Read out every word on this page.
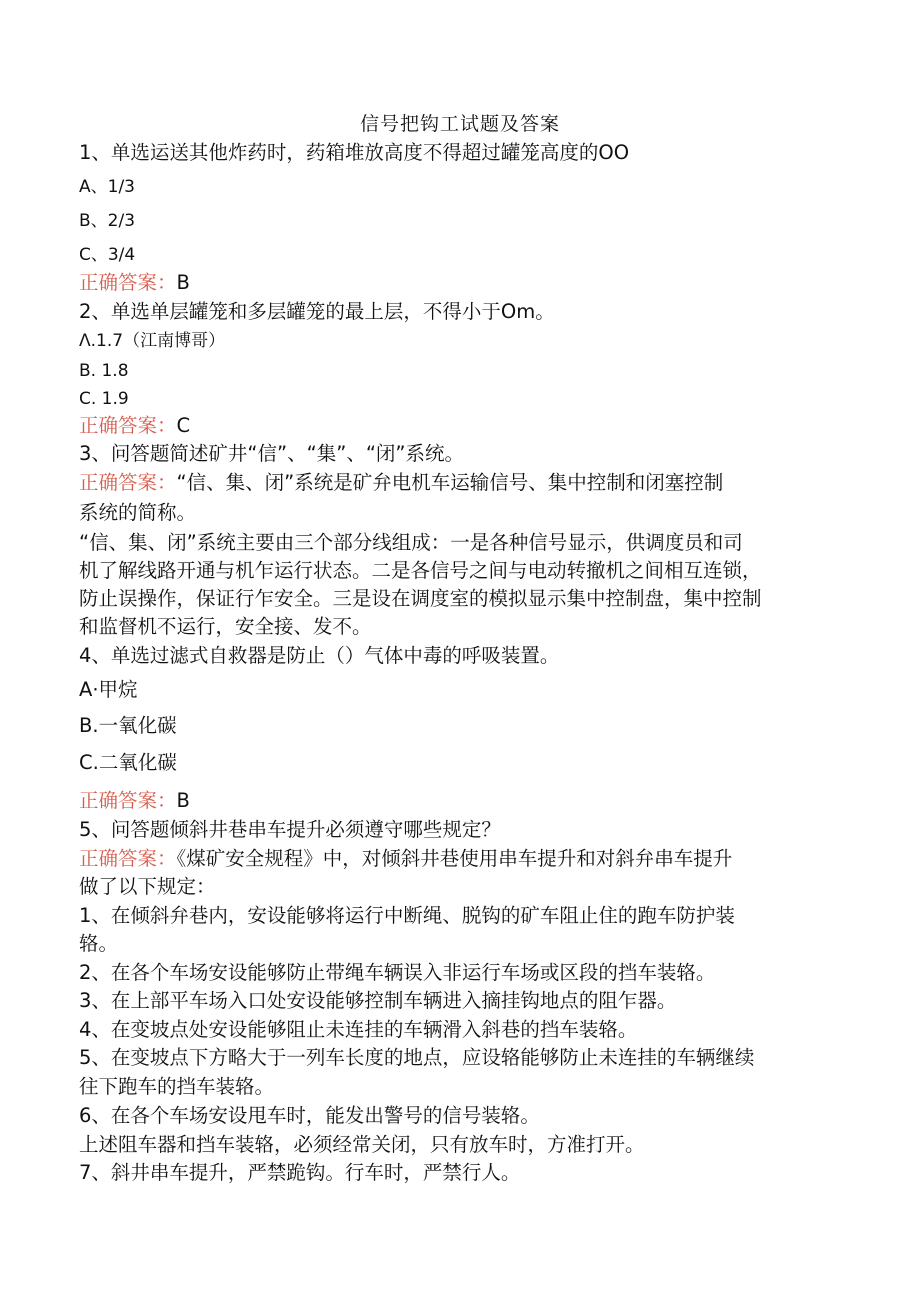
信号把钩工试题及答案
1、单选运送其他炸药时，药箱堆放高度不得超过罐笼高度的OO
A、1/3
B、2/3
C、3/4
正确答案：B
2、单选单层罐笼和多层罐笼的最上层，不得小于Om。
Λ.1.7（江南博哥）
B. 1.8
C. 1.9
正确答案：C
3、问答题简述矿井“信”、“集”、“闭”系统。
正确答案：“信、集、闭”系统是矿弁电机车运输信号、集中控制和闭塞控制
系统的简称。
“信、集、闭”系统主要由三个部分线组成：一是各种信号显示，供调度员和司
机了解线路开通与机乍运行状态。二是各信号之间与电动转撤机之间相互连锁，
防止误操作，保证行乍安全。三是设在调度室的模拟显示集中控制盘，集中控制
和监督机不运行，安全接、发不。
4、单选过滤式自救器是防止（）气体中毒的呼吸装置。
A·甲烷
B.一氧化碳
C.二氧化碳
正确答案：B
5、问答题倾斜井巷串车提升必须遵守哪些规定？
正确答案：《煤矿安全规程》中，对倾斜井巷使用串车提升和对斜弁串车提升
做了以下规定：
1、在倾斜弁巷内，安设能够将运行中断绳、脱钩的矿车阻止住的跑车防护装
辂。
2、在各个车场安设能够防止带绳车辆误入非运行车场或区段的挡车装辂。
3、在上部平车场入口处安设能够控制车辆进入摘挂钩地点的阻乍器。
4、在变坡点处安设能够阻止未连挂的车辆滑入斜巷的挡车装辂。
5、在变坡点下方略大于一列车长度的地点，应设辂能够防止未连挂的车辆继续
往下跑车的挡车装辂。
6、在各个车场安设甩车时，能发出警号的信号装辂。
上述阻车器和挡车装辂，必须经常关闭，只有放车时，方准打开。
7、斜井串车提升，严禁跪钩。行车时，严禁行人。
